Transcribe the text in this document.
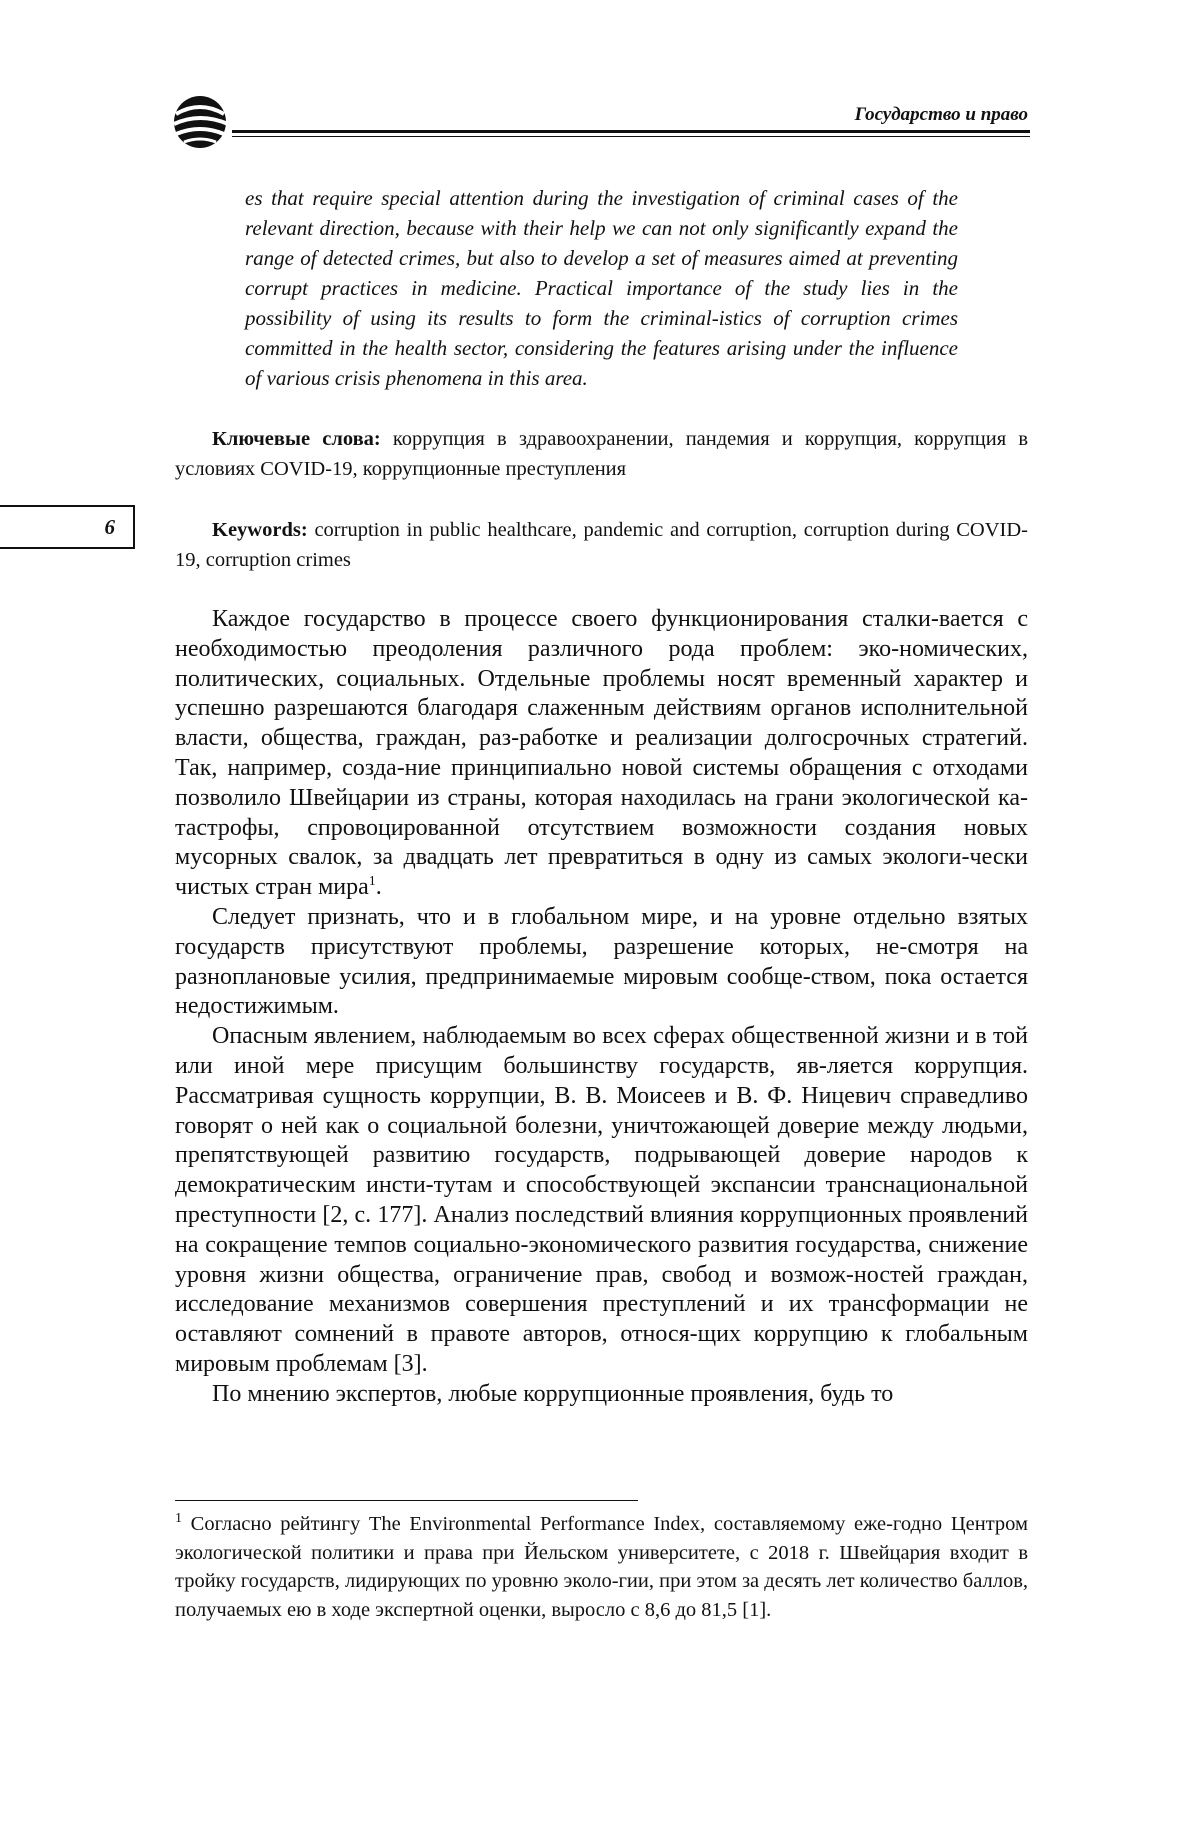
Государство и право
es that require special attention during the investigation of criminal cases of the relevant direction, because with their help we can not only significantly expand the range of detected crimes, but also to develop a set of measures aimed at preventing corrupt practices in medicine. Practical importance of the study lies in the possibility of using its results to form the criminal-istics of corruption crimes committed in the health sector, considering the features arising under the influence of various crisis phenomena in this area.

Ключевые слова: коррупция в здравоохранении, пандемия и коррупция, коррупция в условиях COVID-19, коррупционные преступления

6	Keywords: corruption in public healthcare, pandemic and corruption, corruption during COVID-19, corruption crimes

Каждое государство в процессе своего функционирования сталки-вается с необходимостью преодоления различного рода проблем: эко-номических, политических, социальных. Отдельные проблемы носят временный характер и успешно разрешаются благодаря слаженным действиям органов исполнительной власти, общества, граждан, раз-работке и реализации долгосрочных стратегий. Так, например, созда-ние принципиально новой системы обращения с отходами позволило Швейцарии из страны, которая находилась на грани экологической ка-тастрофы, спровоцированной отсутствием возможности создания новых мусорных свалок, за двадцать лет превратиться в одну из самых экологи-чески чистых стран мира$^1$.

Следует признать, что и в глобальном мире, и на уровне отдельно взятых государств присутствуют проблемы, разрешение которых, не-смотря на разноплановые усилия, предпринимаемые мировым сообще-ством, пока остается недостижимым.

Опасным явлением, наблюдаемым во всех сферах общественной жизни и в той или иной мере присущим большинству государств, яв-ляется коррупция. Рассматривая сущность коррупции, В. В. Моисеев и В. Ф. Ницевич справедливо говорят о ней как о социальной болезни, уничтожающей доверие между людьми, препятствующей развитию государств, подрывающей доверие народов к демократическим инсти-тутам и способствующей экспансии транснациональной преступности [2, с. 177]. Анализ последствий влияния коррупционных проявлений на сокращение темпов социально-экономического развития государства, снижение уровня жизни общества, ограничение прав, свобод и возмож-ностей граждан, исследование механизмов совершения преступлений и их трансформации не оставляют сомнений в правоте авторов, относя-щих коррупцию к глобальным мировым проблемам [3].

По мнению экспертов, любые коррупционные проявления, будь то

$^1$ Согласно рейтингу The Environmental Performance Index, составляемому еже-годно Центром экологической политики и права при Йельском университете, с 2018 г. Швейцария входит в тройку государств, лидирующих по уровню эколо-гии, при этом за десять лет количество баллов, получаемых ею в ходе экспертной оценки, выросло с 8,6 до 81,5 [1].
